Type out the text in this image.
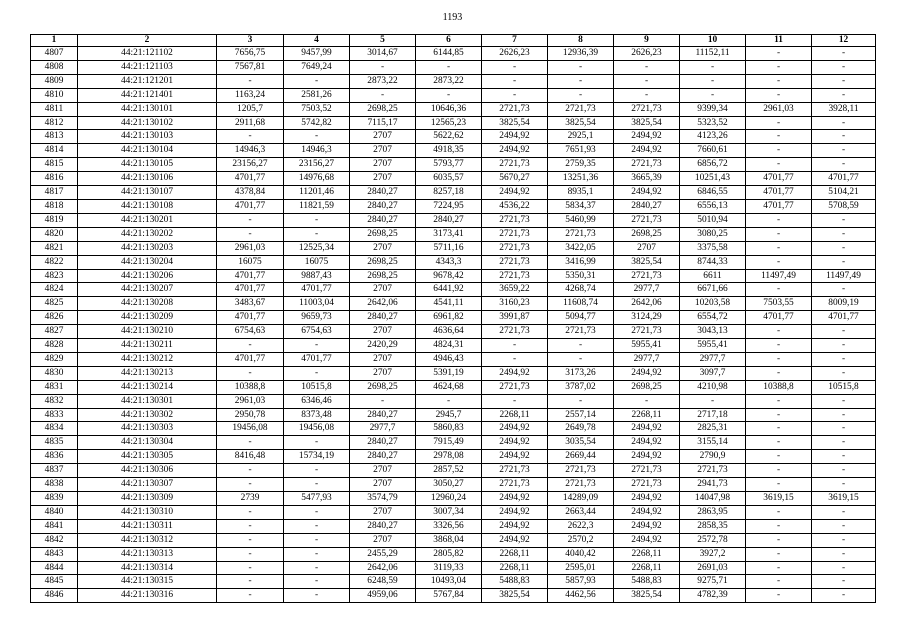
1193
1	2	3	4	5	6	7	8	9	10	11	12
4807	44:21:121102	7656,75	9457,99	3014,67	6144,85	2626,23	12936,39	2626,23	11152,11	-	-
4808	44:21:121103	7567,81	7649,24	-	-	-	-	-	-	-	-
4809	44:21:121201	-	-	2873,22	2873,22	-	-	-	-	-	-
4810	44:21:121401	1163,24	2581,26	-	-	-	-	-	-	-	-
4811	44:21:130101	1205,7	7503,52	2698,25	10646,36	2721,73	2721,73	2721,73	9399,34	2961,03	3928,11
4812	44:21:130102	2911,68	5742,82	7115,17	12565,23	3825,54	3825,54	3825,54	5323,52	-	-
4813	44:21:130103	-	-	2707	5622,62	2494,92	2925,1	2494,92	4123,26	-	-
4814	44:21:130104	14946,3	14946,3	2707	4918,35	2494,92	7651,93	2494,92	7660,61	-	-
4815	44:21:130105	23156,27	23156,27	2707	5793,77	2721,73	2759,35	2721,73	6856,72	-	-
4816	44:21:130106	4701,77	14976,68	2707	6035,57	5670,27	13251,36	3665,39	10251,43	4701,77	4701,77
4817	44:21:130107	4378,84	11201,46	2840,27	8257,18	2494,92	8935,1	2494,92	6846,55	4701,77	5104,21
4818	44:21:130108	4701,77	11821,59	2840,27	7224,95	4536,22	5834,37	2840,27	6556,13	4701,77	5708,59
4819	44:21:130201	-	-	2840,27	2840,27	2721,73	5460,99	2721,73	5010,94	-	-
4820	44:21:130202	-	-	2698,25	3173,41	2721,73	2721,73	2698,25	3080,25	-	-
4821	44:21:130203	2961,03	12525,34	2707	5711,16	2721,73	3422,05	2707	3375,58	-	-
4822	44:21:130204	16075	16075	2698,25	4343,3	2721,73	3416,99	3825,54	8744,33	-	-
4823	44:21:130206	4701,77	9887,43	2698,25	9678,42	2721,73	5350,31	2721,73	6611	11497,49	11497,49
4824	44:21:130207	4701,77	4701,77	2707	6441,92	3659,22	4268,74	2977,7	6671,66	-	-
4825	44:21:130208	3483,67	11003,04	2642,06	4541,11	3160,23	11608,74	2642,06	10203,58	7503,55	8009,19
4826	44:21:130209	4701,77	9659,73	2840,27	6961,82	3991,87	5094,77	3124,29	6554,72	4701,77	4701,77
4827	44:21:130210	6754,63	6754,63	2707	4636,64	2721,73	2721,73	2721,73	3043,13	-	-
4828	44:21:130211	-	-	2420,29	4824,31	-	-	5955,41	5955,41	-	-
4829	44:21:130212	4701,77	4701,77	2707	4946,43	-	-	2977,7	2977,7	-	-
4830	44:21:130213	-	-	2707	5391,19	2494,92	3173,26	2494,92	3097,7	-	-
4831	44:21:130214	10388,8	10515,8	2698,25	4624,68	2721,73	3787,02	2698,25	4210,98	10388,8	10515,8
4832	44:21:130301	2961,03	6346,46	-	-	-	-	-	-	-	-
4833	44:21:130302	2950,78	8373,48	2840,27	2945,7	2268,11	2557,14	2268,11	2717,18	-	-
4834	44:21:130303	19456,08	19456,08	2977,7	5860,83	2494,92	2649,78	2494,92	2825,31	-	-
4835	44:21:130304	-	-	2840,27	7915,49	2494,92	3035,54	2494,92	3155,14	-	-
4836	44:21:130305	8416,48	15734,19	2840,27	2978,08	2494,92	2669,44	2494,92	2790,9	-	-
4837	44:21:130306	-	-	2707	2857,52	2721,73	2721,73	2721,73	2721,73	-	-
4838	44:21:130307	-	-	2707	3050,27	2721,73	2721,73	2721,73	2941,73	-	-
4839	44:21:130309	2739	5477,93	3574,79	12960,24	2494,92	14289,09	2494,92	14047,98	3619,15	3619,15
4840	44:21:130310	-	-	2707	3007,34	2494,92	2663,44	2494,92	2863,95	-	-
4841	44:21:130311	-	-	2840,27	3326,56	2494,92	2622,3	2494,92	2858,35	-	-
4842	44:21:130312	-	-	2707	3868,04	2494,92	2570,2	2494,92	2572,78	-	-
4843	44:21:130313	-	-	2455,29	2805,82	2268,11	4040,42	2268,11	3927,2	-	-
4844	44:21:130314	-	-	2642,06	3119,33	2268,11	2595,01	2268,11	2691,03	-	-
4845	44:21:130315	-	-	6248,59	10493,04	5488,83	5857,93	5488,83	9275,71	-	-
4846	44:21:130316	-	-	4959,06	5767,84	3825,54	4462,56	3825,54	4782,39	-	-
